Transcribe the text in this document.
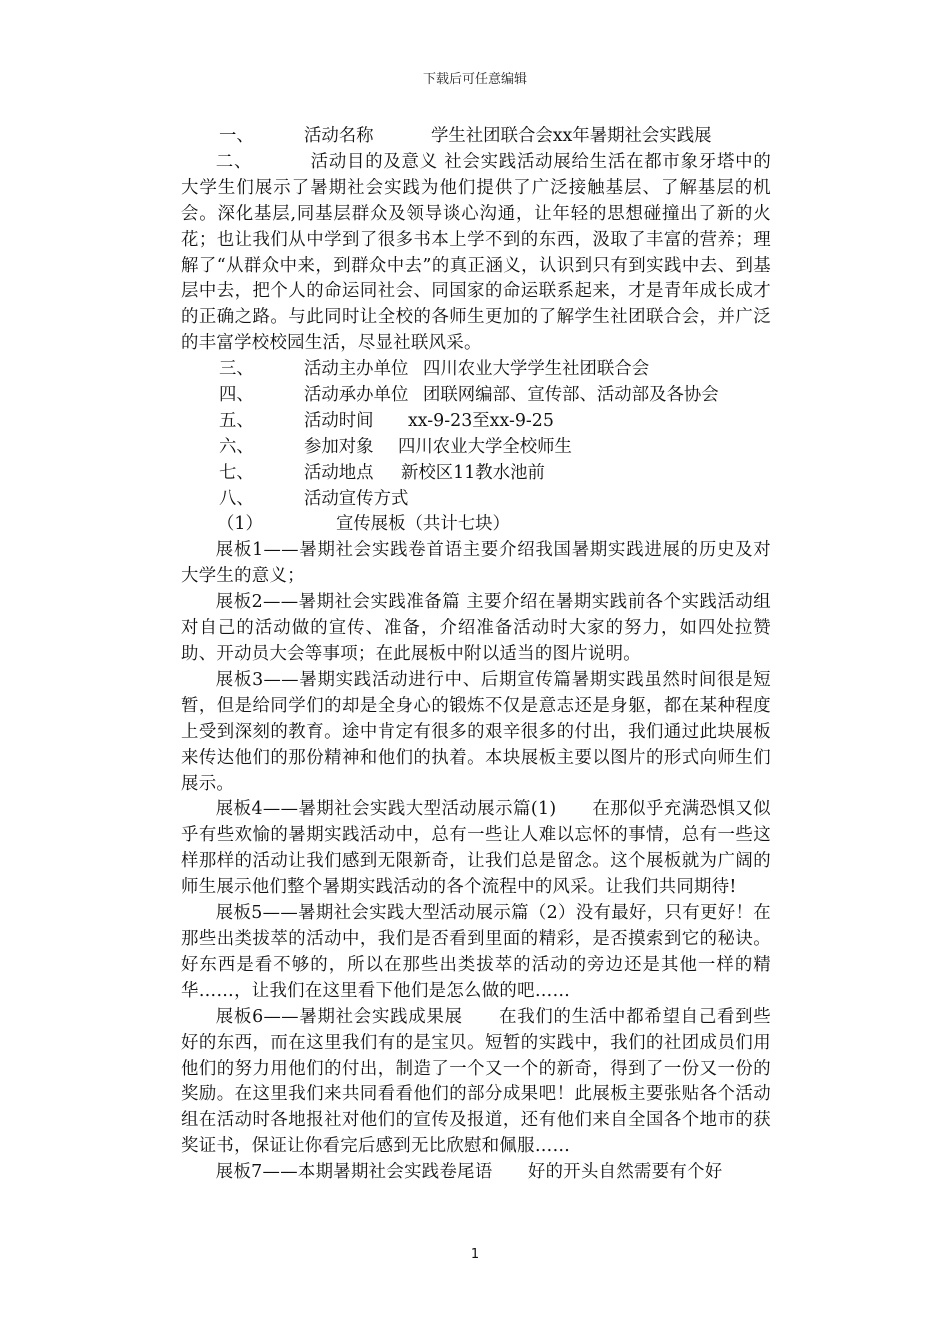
下载后可任意编辑
一、	活动名称	学生社团联合会xx年暑期社会实践展

二、	活动目的及意义 社会实践活动展给生活在都市象牙塔中的大学生们展示了暑期社会实践为他们提供了广泛接触基层、了解基层的机会。深化基层,同基层群众及领导谈心沟通，让年轻的思想碰撞出了新的火花；也让我们从中学到了很多书本上学不到的东西，汲取了丰富的营养；理解了“从群众中来，到群众中去”的真正涵义，认识到只有到实践中去、到基层中去，把个人的命运同社会、同国家的命运联系起来，才是青年成长成才的正确之路。与此同时让全校的各师生更加的了解学生社团联合会，并广泛的丰富学校校园生活，尽显社联风采。

三、	活动主办单位 四川农业大学学生社团联合会
四、	活动承办单位 团联网编部、宣传部、活动部及各协会
五、	活动时间 xx-9-23至xx-9-25
六、	参加对象 四川农业大学全校师生
七、	活动地点 新校区11教水池前
八、	活动宣传方式
（1）	宣传展板（共计七块）

展板1——暑期社会实践卷首语主要介绍我国暑期实践进展的历史及对大学生的意义；

展板2——暑期社会实践准备篇 主要介绍在暑期实践前各个实践活动组对自己的活动做的宣传、准备，介绍准备活动时大家的努力，如四处拉赞助、开动员大会等事项；在此展板中附以适当的图片说明。

展板3——暑期实践活动进行中、后期宣传篇暑期实践虽然时间很是短暂，但是给同学们的却是全身心的锻炼不仅是意志还是身躯，都在某种程度上受到深刻的教育。途中肯定有很多的艰辛很多的付出，我们通过此块展板来传达他们的那份精神和他们的执着。本块展板主要以图片的形式向师生们展示。

展板4——暑期社会实践大型活动展示篇(1)　　在那似乎充满恐惧又似乎有些欢愉的暑期实践活动中，总有一些让人难以忘怀的事情，总有一些这样那样的活动让我们感到无限新奇，让我们总是留念。这个展板就为广阔的师生展示他们整个暑期实践活动的各个流程中的风采。让我们共同期待!

展板5——暑期社会实践大型活动展示篇（2）没有最好，只有更好！在那些出类拔萃的活动中，我们是否看到里面的精彩，是否摸索到它的秘诀。好东西是看不够的，所以在那些出类拔萃的活动的旁边还是其他一样的精华……，让我们在这里看下他们是怎么做的吧……

展板6——暑期社会实践成果展　　在我们的生活中都希望自己看到些好的东西，而在这里我们有的是宝贝。短暂的实践中，我们的社团成员们用他们的努力用他们的付出，制造了一个又一个的新奇，得到了一份又一份的奖励。在这里我们来共同看看他们的部分成果吧！此展板主要张贴各个活动组在活动时各地报社对他们的宣传及报道，还有他们来自全国各个地市的获奖证书，保证让你看完后感到无比欣慰和佩服……

展板7——本期暑期社会实践卷尾语　　好的开头自然需要有个好

1
